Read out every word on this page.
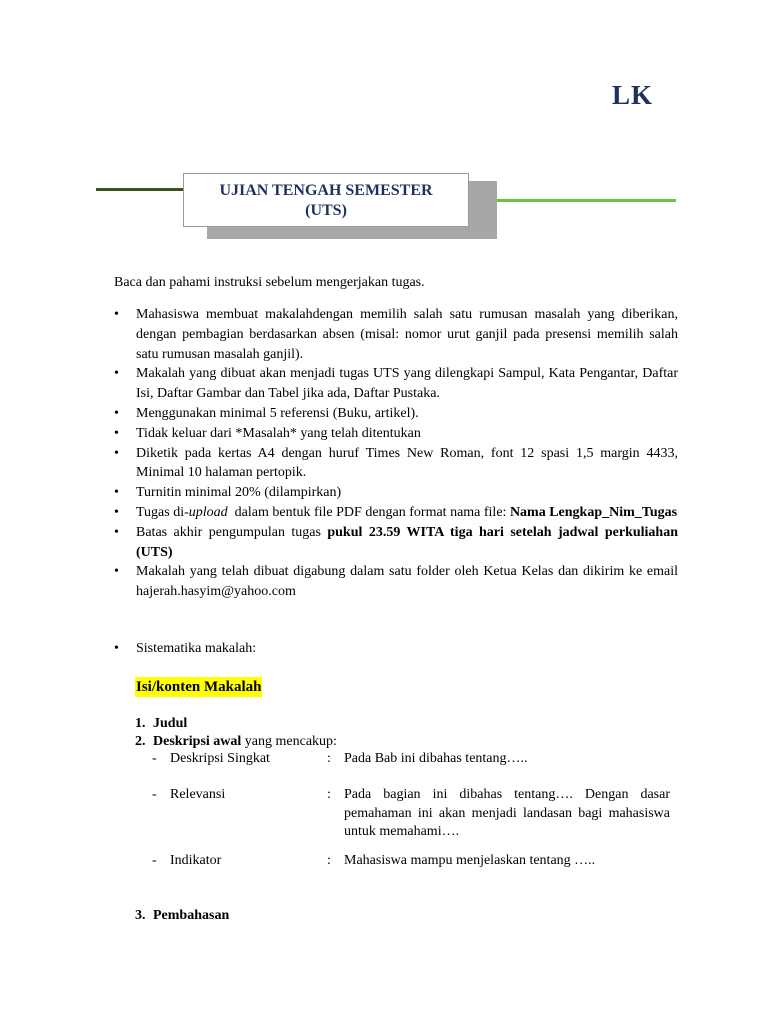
LK
UJIAN TENGAH SEMESTER
(UTS)
Baca dan pahami instruksi sebelum mengerjakan tugas.
• Mahasiswa membuat makalahdengan memilih salah satu rumusan masalah yang diberikan, dengan pembagian berdasarkan absen (misal: nomor urut ganjil pada presensi memilih salah satu rumusan masalah ganjil).
• Makalah yang dibuat akan menjadi tugas UTS yang dilengkapi Sampul, Kata Pengantar, Daftar Isi, Daftar Gambar dan Tabel jika ada, Daftar Pustaka.
• Menggunakan minimal 5 referensi (Buku, artikel).
• Tidak keluar dari *Masalah* yang telah ditentukan
• Diketik pada kertas A4 dengan huruf Times New Roman, font 12 spasi 1,5 margin 4433, Minimal 10 halaman pertopik.
• Turnitin minimal 20% (dilampirkan)
• Tugas di-upload  dalam bentuk file PDF dengan format nama file: Nama Lengkap_Nim_Tugas
• Batas akhir pengumpulan tugas pukul 23.59 WITA tiga hari setelah jadwal perkuliahan (UTS)
• Makalah yang telah dibuat digabung dalam satu folder oleh Ketua Kelas dan dikirim ke email hajerah.hasyim@yahoo.com
• Sistematika makalah:
Isi/konten Makalah
1. Judul
2. Deskripsi awal yang mencakup:
- Deskripsi Singkat	: Pada Bab ini dibahas tentang…..
- Relevansi	: Pada bagian ini dibahas tentang…. Dengan dasar pemahaman ini akan menjadi landasan bagi mahasiswa untuk memahami….
- Indikator	: Mahasiswa mampu menjelaskan tentang …..
3. Pembahasan
